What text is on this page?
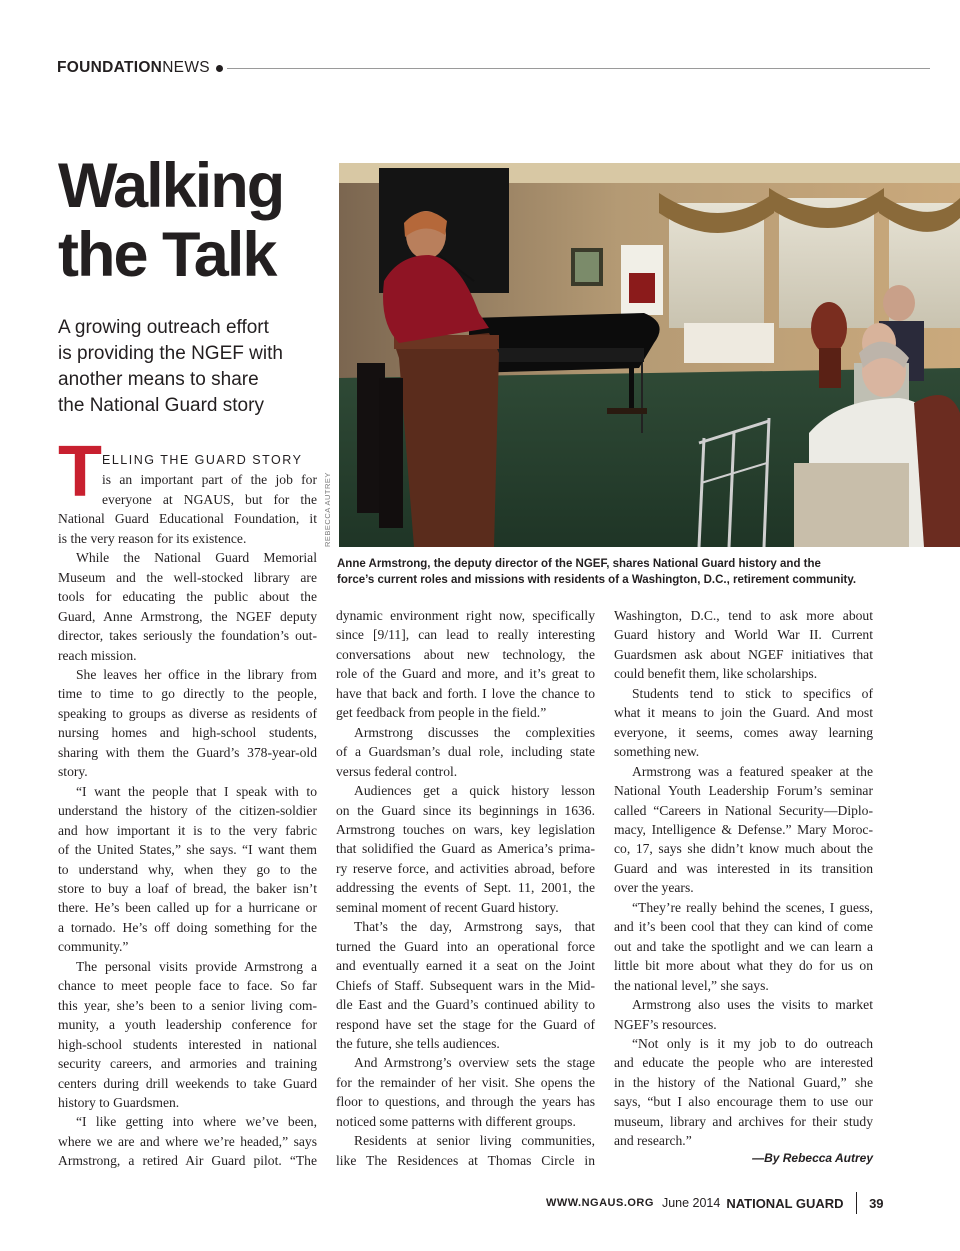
FOUNDATION NEWS
Walking
the Talk
A growing outreach effort
is providing the NGEF with
another means to share
the National Guard story
REBECCA AUTREY
Anne Armstrong, the deputy director of the NGEF, shares National Guard history and the
force’s current roles and missions with residents of a Washington, D.C., retirement community.
T ELLING THE GUARD STORY
is an important part of the job for
everyone at NGAUS, but for the
National Guard Educational Foundation, it
is the very reason for its existence.
While the National Guard Memorial
Museum and the well-stocked library are
tools for educating the public about the
Guard, Anne Armstrong, the NGEF deputy
director, takes seriously the foundation’s out-
reach mission.
She leaves her office in the library from
time to time to go directly to the people,
speaking to groups as diverse as residents of
nursing homes and high-school students,
sharing with them the Guard’s 378-year-old
story.
“I want the people that I speak with to
understand the history of the citizen-soldier
and how important it is to the very fabric
of the United States,” she says. “I want them
to understand why, when they go to the
store to buy a loaf of bread, the baker isn’t
there. He’s been called up for a hurricane or
a tornado. He’s off doing something for the
community.”
The personal visits provide Armstrong a
chance to meet people face to face. So far
this year, she’s been to a senior living com-
munity, a youth leadership conference for
high-school students interested in national
security careers, and armories and training
centers during drill weekends to take Guard
history to Guardsmen.
“I like getting into where we’ve been,
where we are and where we’re headed,” says
Armstrong, a retired Air Guard pilot. “The
dynamic environment right now, specifically
since [9/11], can lead to really interesting
conversations about new technology, the
role of the Guard and more, and it’s great to
have that back and forth. I love the chance to
get feedback from people in the field.”
Armstrong discusses the complexities
of a Guardsman’s dual role, including state
versus federal control.
Audiences get a quick history lesson
on the Guard since its beginnings in 1636.
Armstrong touches on wars, key legislation
that solidified the Guard as America’s prima-
ry reserve force, and activities abroad, before
addressing the events of Sept. 11, 2001, the
seminal moment of recent Guard history.
That’s the day, Armstrong says, that
turned the Guard into an operational force
and eventually earned it a seat on the Joint
Chiefs of Staff. Subsequent wars in the Mid-
dle East and the Guard’s continued ability to
respond have set the stage for the Guard of
the future, she tells audiences.
And Armstrong’s overview sets the stage
for the remainder of her visit. She opens the
floor to questions, and through the years has
noticed some patterns with different groups.
Residents at senior living communities,
like The Residences at Thomas Circle in
Washington, D.C., tend to ask more about
Guard history and World War II. Current
Guardsmen ask about NGEF initiatives that
could benefit them, like scholarships.
Students tend to stick to specifics of
what it means to join the Guard. And most
everyone, it seems, comes away learning
something new.
Armstrong was a featured speaker at the
National Youth Leadership Forum’s seminar
called “Careers in National Security—Diplo-
macy, Intelligence & Defense.” Mary Moroc-
co, 17, says she didn’t know much about the
Guard and was interested in its transition
over the years.
“They’re really behind the scenes, I guess,
and it’s been cool that they can kind of come
out and take the spotlight and we can learn a
little bit more about what they do for us on
the national level,” she says.
Armstrong also uses the visits to market
NGEF’s resources.
“Not only is it my job to do outreach
and educate the people who are interested
in the history of the National Guard,” she
says, “but I also encourage them to use our
museum, library and archives for their study
and research.”
—By Rebecca Autrey
WWW.NGAUS.ORG June 2014 NATIONAL GUARD 39
